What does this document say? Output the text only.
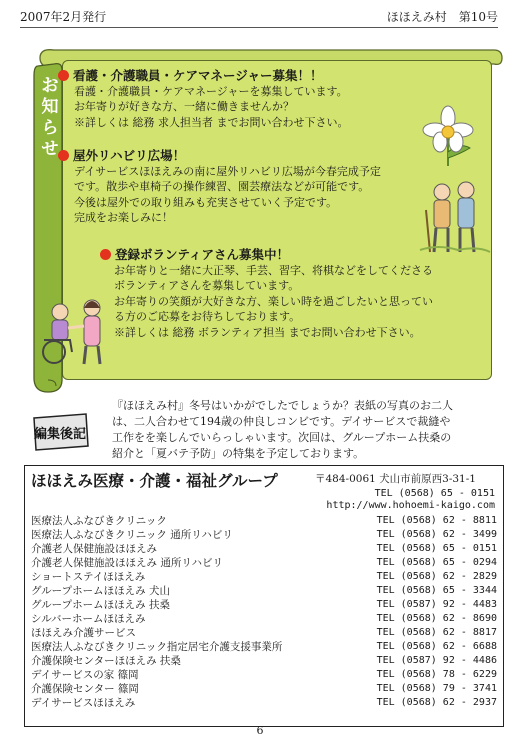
2007年2月発行	ほほえみ村　第10号
お
知
ら
せ
看護・介護職員・ケアマネージャー募集！！
看護・介護職員・ケアマネージャーを募集しています。
お年寄りが好きな方、一緒に働きませんか？
※詳しくは 総務 求人担当者 までお問い合わせ下さい。
屋外リハビリ広場！
デイサービスほほえみの南に屋外リハビリ広場が今春完成予定
です。散歩や車椅子の操作練習、園芸療法などが可能です。
今後は屋外での取り組みも充実させていく予定です。
完成をお楽しみに！
登録ボランティアさん募集中！
お年寄りと一緒に大正琴、手芸、習字、将棋などをしてくださる
ボランティアさんを募集しています。
お年寄りの笑顔が大好きな方、楽しい時を過ごしたいと思ってい
る方のご応募をお待ちしております。
※詳しくは 総務 ボランティア担当 までお問い合わせ下さい。
編集後記
『ほほえみ村』冬号はいかがでしたでしょうか？表紙の写真のお二人
は、二人合わせて194歳の仲良しコンビです。デイサービスで裁縫や
工作をを楽しんでいらっしゃいます。次回は、グループホーム扶桑の
紹介と「夏バテ予防」の特集を予定しております。
ほほえみ医療・介護・福祉グループ	〒484-0061 犬山市前原西3-31-1
TEL (0568) 65 - 0151
http://www.hohoemi-kaigo.com
医療法人ふなびきクリニック	TEL (0568) 62 - 8811
医療法人ふなびきクリニック 通所リハビリ	TEL (0568) 62 - 3499
介護老人保健施設ほほえみ	TEL (0568) 65 - 0151
介護老人保健施設ほほえみ 通所リハビリ	TEL (0568) 65 - 0294
ショートステイほほえみ	TEL (0568) 62 - 2829
グループホームほほえみ 犬山	TEL (0568) 65 - 3344
グループホームほほえみ 扶桑	TEL (0587) 92 - 4483
シルバーホームほほえみ	TEL (0568) 62 - 8690
ほほえみ介護サービス	TEL (0568) 62 - 8817
医療法人ふなびきクリニック指定居宅介護支援事業所	TEL (0568) 62 - 6688
介護保険センターほほえみ 扶桑	TEL (0587) 92 - 4486
デイサービスの家 篠岡	TEL (0568) 78 - 6229
介護保険センター 篠岡	TEL (0568) 79 - 3741
デイサービスほほえみ	TEL (0568) 62 - 2937
6
